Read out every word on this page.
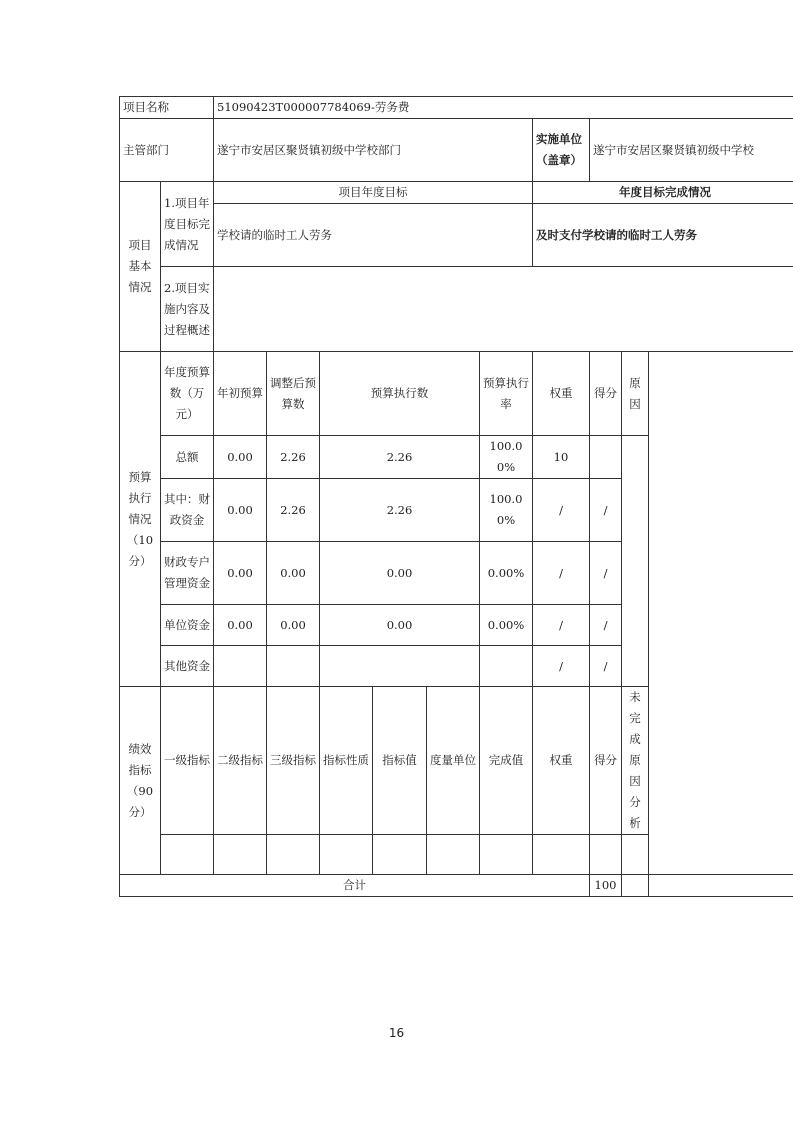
项目名称		51090423T000007784069-劳务费									
主管部门		遂宁市安居区聚贤镇初级中学校部门						实施单位（盖章）	遂宁市安居区聚贤镇初级中学校		
项目基本情况	1.项目年度目标完成情况	项目年度目标						年度目标完成情况			
		学校请的临时工人劳务						及时支付学校请的临时工人劳务			

	2.项目实施内容及过程概述										
预算执行情况（10分）	年度预算数（万元）	年初预算	调整后预算数	预算执行数			预算执行率	权重	得分	原因	
	总额	0.00	2.26	2.26			100.00%	10			
	其中：财政资金	0.00	2.26	2.26			100.00%	/	/		
	财政专户管理资金	0.00	0.00	0.00			0.00%	/	/		
	单位资金	0.00	0.00	0.00			0.00%	/	/		
	其他资金							/	/		
绩效指标（90分）	一级指标	二级指标	三级指标	指标性质	指标值	度量单位	完成值	权重	得分	未完成原因分析	

合计									100		
16
